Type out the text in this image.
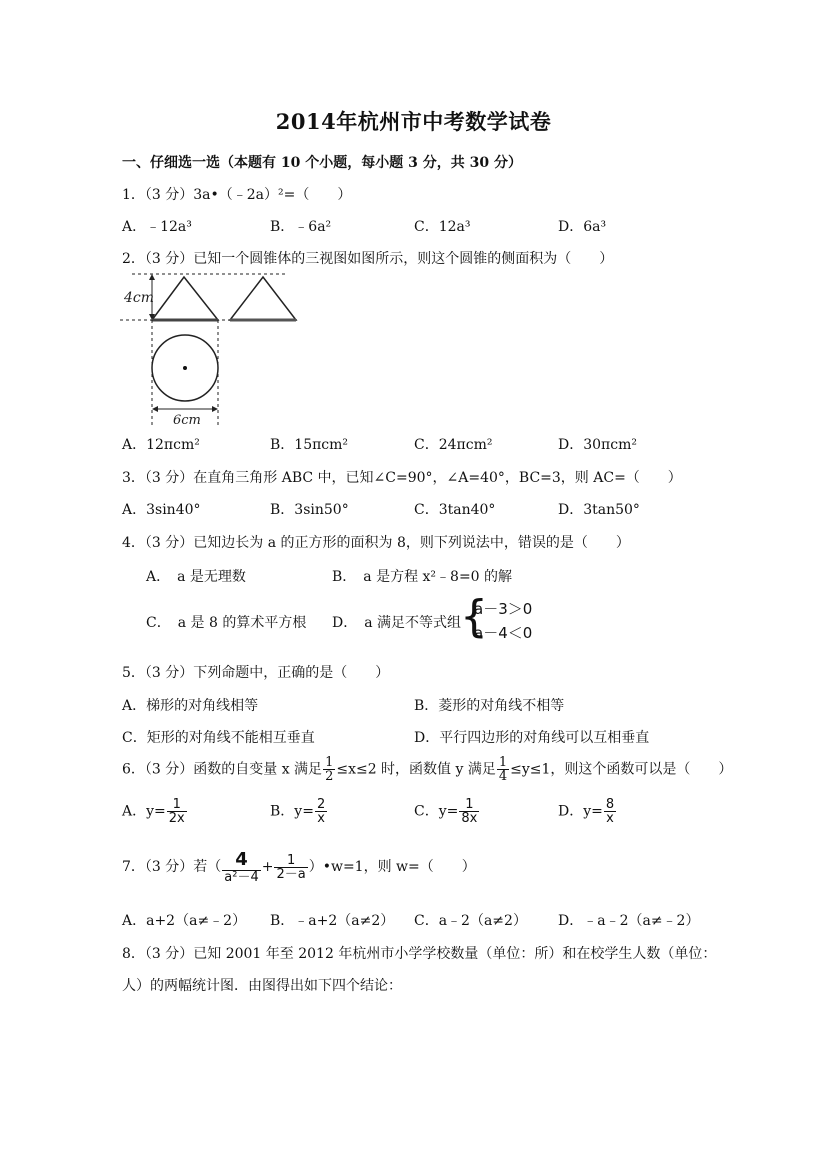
2014年杭州市中考数学试卷
一、仔细选一选（本题有 10 个小题，每小题 3 分，共 30 分）
1．（3 分）3a•（﹣2a）²=（　　）
A．﹣12a³	B．﹣6a²	C．12a³	D．6a³
2．（3 分）已知一个圆锥体的三视图如图所示，则这个圆锥的侧面积为（　　）
4cm
6cm
A．12πcm²	B．15πcm²	C．24πcm²	D．30πcm²
3．（3 分）在直角三角形 ABC 中，已知∠C=90°，∠A=40°，BC=3，则 AC=（　　）
A．3sin40°	B．3sin50°	C．3tan40°	D．3tan50°
4．（3 分）已知边长为 a 的正方形的面积为 8，则下列说法中，错误的是（　　）
A．　a 是无理数	B．　a 是方程 x²﹣8=0 的解
C．　a 是 8 的算术平方根 D．　a 满足不等式组
{
a－3＞0
a－4＜0
5．（3 分）下列命题中，正确的是（　　）
A．梯形的对角线相等	B．菱形的对角线不相等
C．矩形的对角线不能相互垂直	D．平行四边形的对角线可以互相垂直
6．（3 分）函数的自变量 x 满足 $\frac{1}{2} \le x\le 2$ 时，函数值 y 满足 $\frac{1}{4} \le y\le 1$，则这个函数可以是（　　）
A．$y= \frac{1}{2x}$	B．$y= \frac{2}{x}$	C．$y= \frac{1}{8x}$	D．$y= \frac{8}{x}$
7．（3 分）若（ $\frac{4}{\text{a²－4}} + \frac{1}{2-a}$ ）•w=1，则 w=（　　）
A．a+2（a≠﹣2） B．﹣a+2（a≠2） C．a﹣2（a≠2） D．﹣a﹣2（a≠﹣2）
8．（3 分）已知 2001 年至 2012 年杭州市小学学校数量（单位：所）和在校学生人数（单位：
人）的两幅统计图．由图得出如下四个结论：
